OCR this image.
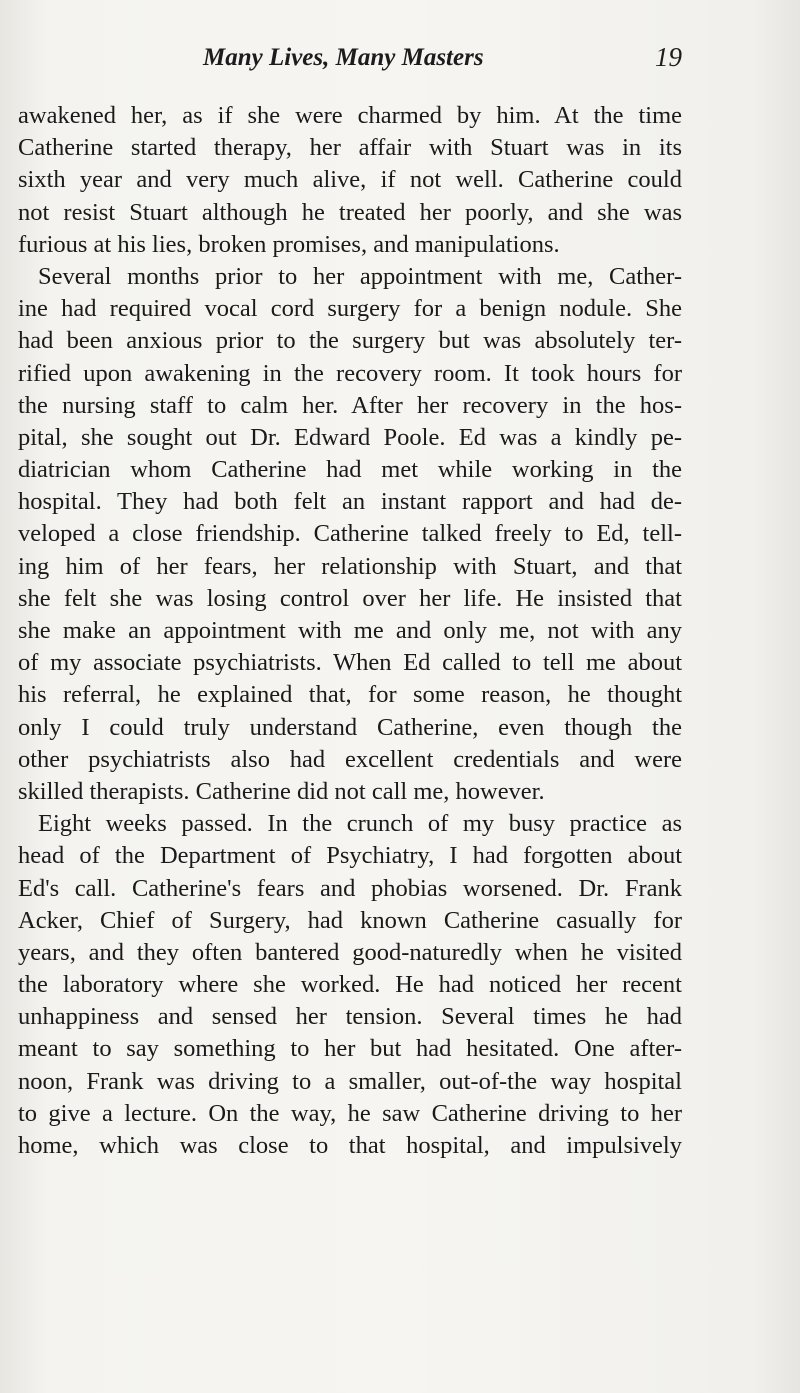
Many Lives, Many Masters	19
awakened her, as if she were charmed by him. At the time
Catherine started therapy, her affair with Stuart was in its
sixth year and very much alive, if not well. Catherine could
not resist Stuart although he treated her poorly, and she was
furious at his lies, broken promises, and manipulations.
Several months prior to her appointment with me, Cather-
ine had required vocal cord surgery for a benign nodule. She
had been anxious prior to the surgery but was absolutely ter-
rified upon awakening in the recovery room. It took hours for
the nursing staff to calm her. After her recovery in the hos-
pital, she sought out Dr. Edward Poole. Ed was a kindly pe-
diatrician whom Catherine had met while working in the
hospital. They had both felt an instant rapport and had de-
veloped a close friendship. Catherine talked freely to Ed, tell-
ing him of her fears, her relationship with Stuart, and that
she felt she was losing control over her life. He insisted that
she make an appointment with me and only me, not with any
of my associate psychiatrists. When Ed called to tell me about
his referral, he explained that, for some reason, he thought
only I could truly understand Catherine, even though the
other psychiatrists also had excellent credentials and were
skilled therapists. Catherine did not call me, however.
Eight weeks passed. In the crunch of my busy practice as
head of the Department of Psychiatry, I had forgotten about
Ed's call. Catherine's fears and phobias worsened. Dr. Frank
Acker, Chief of Surgery, had known Catherine casually for
years, and they often bantered good-naturedly when he visited
the laboratory where she worked. He had noticed her recent
unhappiness and sensed her tension. Several times he had
meant to say something to her but had hesitated. One after-
noon, Frank was driving to a smaller, out-of-the way hospital
to give a lecture. On the way, he saw Catherine driving to her
home, which was close to that hospital, and impulsively
